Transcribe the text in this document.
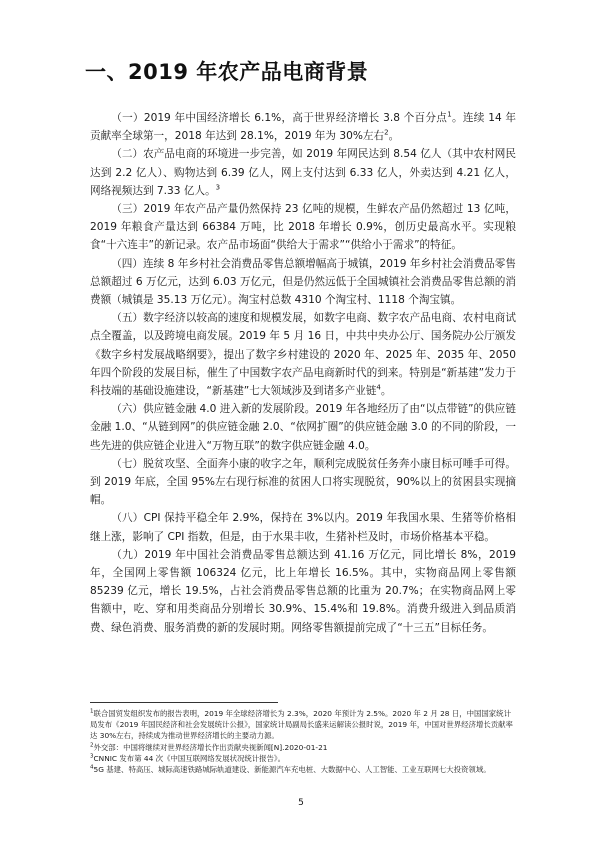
一、2019 年农产品电商背景

（一）2019 年中国经济增长 6.1%，高于世界经济增长 3.8 个百分点$^1$。连续 14 年贡献率全球第一，2018 年达到 28.1%，2019 年为 30%左右$^2$。

（二）农产品电商的环境进一步完善，如 2019 年网民达到 8.54 亿人（其中农村网民达到 2.2 亿人）、购物达到 6.39 亿人，网上支付达到 6.33 亿人，外卖达到 4.21 亿人，网络视频达到 7.33 亿人。$^3$

（三）2019 年农产品产量仍然保持 23 亿吨的规模，生鲜农产品仍然超过 13 亿吨，2019 年粮食产量达到 66384 万吨，比 2018 年增长 0.9%，创历史最高水平。实现粮食“十六连丰”的新记录。农产品市场面“供给大于需求”“供给小于需求”的特征。

（四）连续 8 年乡村社会消费品零售总额增幅高于城镇，2019 年乡村社会消费品零售总额超过 6 万亿元，达到 6.03 万亿元，但是仍然远低于全国城镇社会消费品零售总额的消费额（城镇是 35.13 万亿元）。淘宝村总数 4310 个淘宝村、1118 个淘宝镇。

（五）数字经济以较高的速度和规模发展，如数字电商、数字农产品电商、农村电商试点全覆盖，以及跨境电商发展。2019 年 5 月 16 日，中共中央办公厅、国务院办公厅颁发《数字乡村发展战略纲要》，提出了数字乡村建设的 2020 年、2025 年、2035 年、2050 年四个阶段的发展目标，催生了中国数字农产品电商新时代的到来。特别是“新基建”发力于科技端的基础设施建设，“新基建”七大领域涉及到诸多产业链$^4$。

（六）供应链金融 4.0 进入新的发展阶段。2019 年各地经历了由“以点带链”的供应链金融 1.0、“从链到网”的供应链金融 2.0、“依网扩圈”的供应链金融 3.0 的不同的阶段，一些先进的供应链企业进入“万物互联”的数字供应链金融 4.0。

（七）脱贫攻坚、全面奔小康的收字之年，顺利完成脱贫任务奔小康目标可唾手可得。到 2019 年底，全国 95%左右现行标准的贫困人口将实现脱贫，90%以上的贫困县实现摘帽。

（八）CPI 保持平稳全年 2.9%，保持在 3%以内。2019 年我国水果、生猪等价格相继上涨，影响了 CPI 指数，但是，由于水果丰收，生猪补栏及时，市场价格基本平稳。

（九）2019 年中国社会消费品零售总额达到 41.16 万亿元，同比增长 8%，2019 年，全国网上零售额 106324 亿元，比上年增长 16.5%。其中，实物商品网上零售额 85239 亿元，增长 19.5%，占社会消费品零售总额的比重为 20.7%；在实物商品网上零售额中，吃、穿和用类商品分别增长 30.9%、15.4%和 19.8%。消费升级进入到品质消费、绿色消费、服务消费的新的发展时期。网络零售额提前完成了“十三五”目标任务。

$^1$联合国贸发组织发布的报告表明，2019 年全球经济增长为 2.3%，2020 年预计为 2.5%。2020 年 2 月 28 日，中国国家统计局发布《2019 年国民经济和社会发展统计公报》，国家统计局副局长盛来运解读公报时说，2019 年，中国对世界经济增长贡献率达 30%左右，持续成为推动世界经济增长的主要动力源。

$^2$外交部：中国将继续对世界经济增长作出贡献央视新闻[N].2020-01-21

$^3$CNNIC 发布第 44 次《中国互联网络发展状况统计报告》。

$^4$5G 基建、特高压、城际高速铁路城际轨道建设、新能源汽车充电桩、大数据中心、人工智能、工业互联网七大投资领域。

5
